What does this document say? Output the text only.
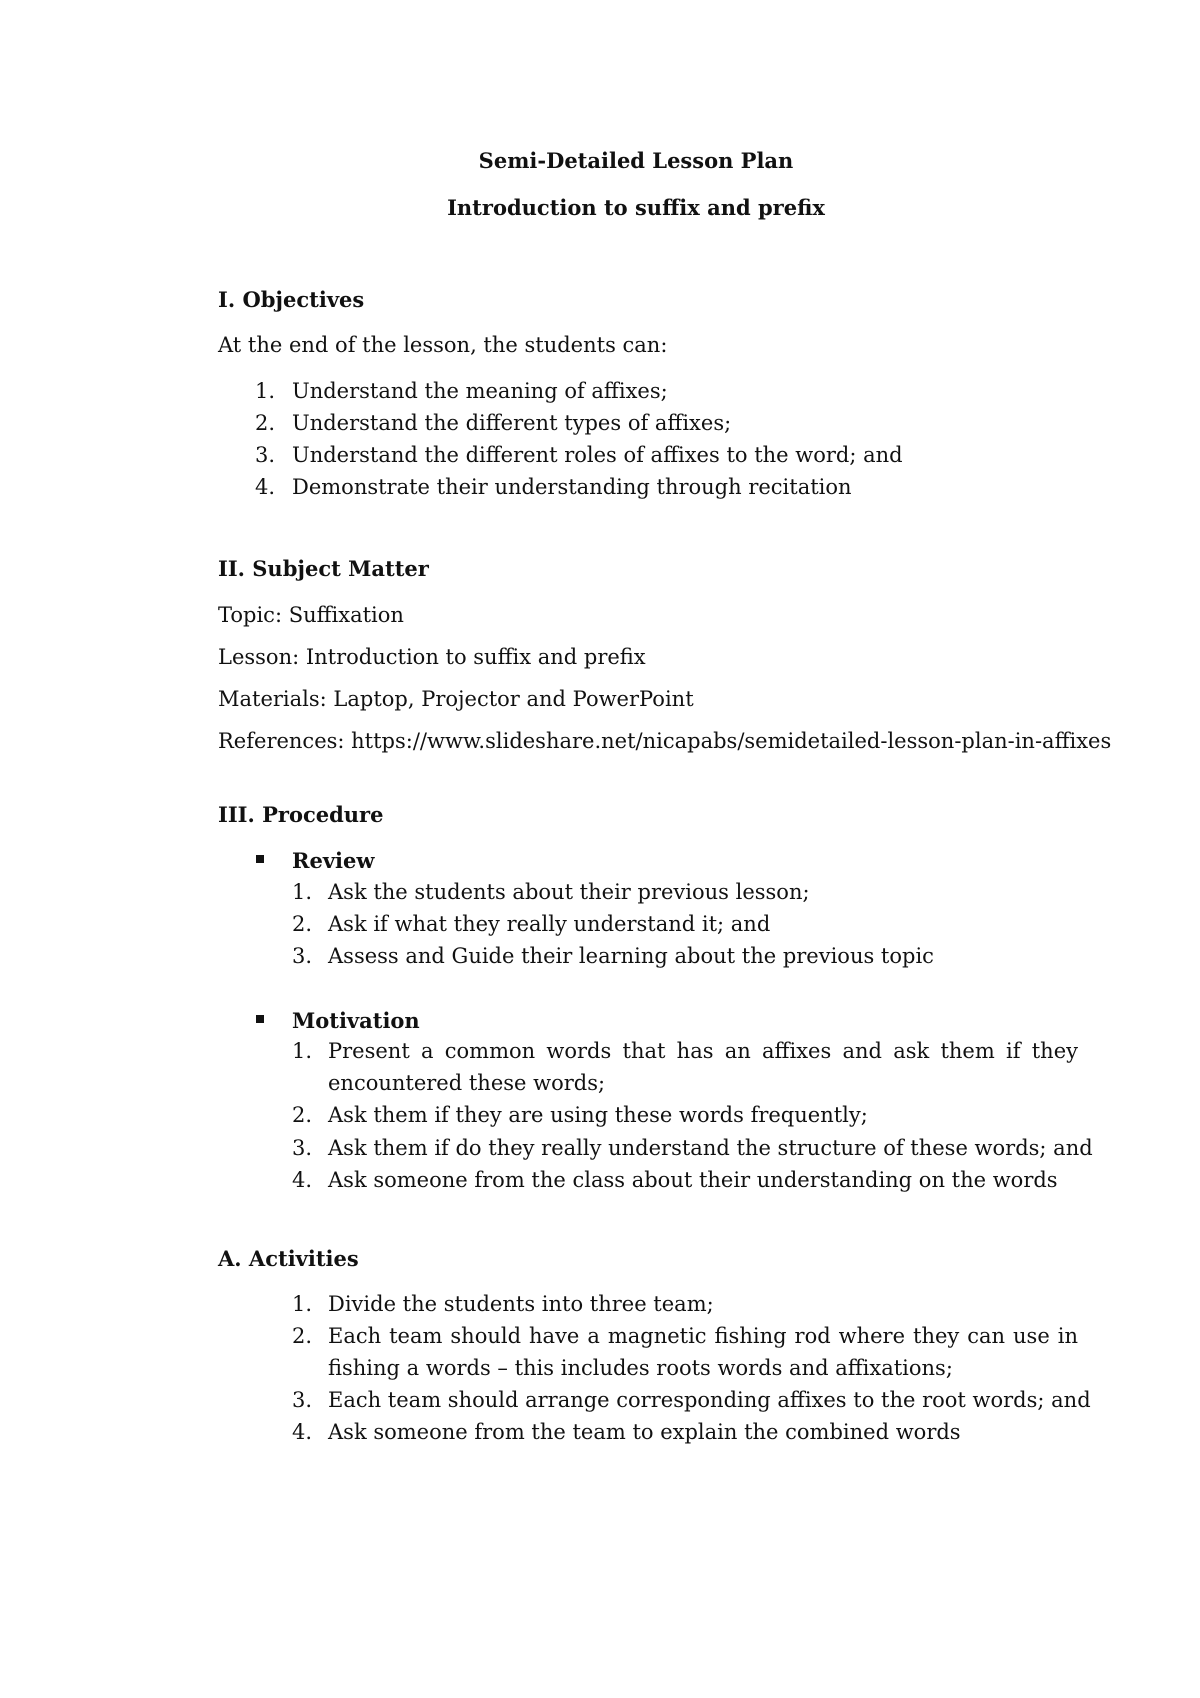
Semi-Detailed Lesson Plan
Introduction to suffix and prefix
I. Objectives
At the end of the lesson, the students can:
1. Understand the meaning of affixes;
2. Understand the different types of affixes;
3. Understand the different roles of affixes to the word; and
4. Demonstrate their understanding through recitation
II. Subject Matter
Topic: Suffixation
Lesson: Introduction to suffix and prefix
Materials: Laptop, Projector and PowerPoint
References: https://www.slideshare.net/nicapabs/semidetailed-lesson-plan-in-affixes
III. Procedure
Review
1. Ask the students about their previous lesson;
2. Ask if what they really understand it; and
3. Assess and Guide their learning about the previous topic
Motivation
1. Present a common words that has an affixes and ask them if they
encountered these words;
2. Ask them if they are using these words frequently;
3. Ask them if do they really understand the structure of these words; and
4. Ask someone from the class about their understanding on the words
A. Activities
1. Divide the students into three team;
2. Each team should have a magnetic fishing rod where they can use in
fishing a words – this includes roots words and affixations;
3. Each team should arrange corresponding affixes to the root words; and
4. Ask someone from the team to explain the combined words
